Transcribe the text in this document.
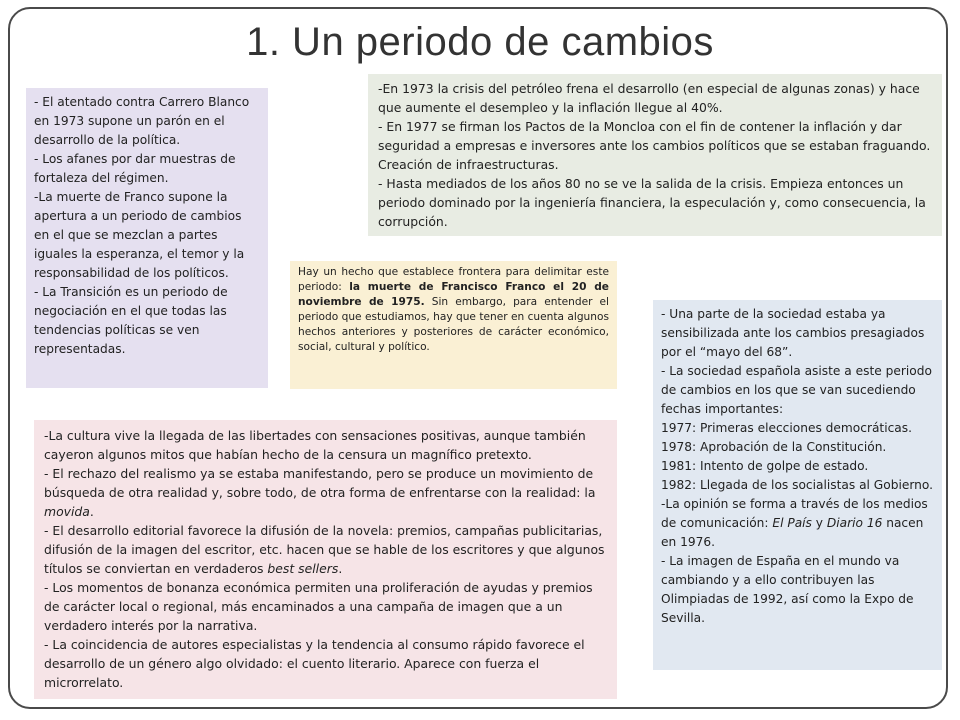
1. Un periodo de cambios

- El atentado contra Carrero Blanco en 1973 supone un parón en el desarrollo de la política.

- Los afanes por dar muestras de fortaleza del régimen.

-La muerte de Franco supone la apertura a un periodo de cambios en el que se mezclan a partes iguales la esperanza, el temor y la responsabilidad de los políticos.

- La Transición es un periodo de negociación en el que todas las tendencias políticas se ven representadas.

-En 1973 la crisis del petróleo frena el desarrollo (en especial de algunas zonas) y hace que aumente el desempleo y la inflación llegue al 40%.

- En 1977 se firman los Pactos de la Moncloa con el fin de contener la inflación y dar seguridad a empresas e inversores ante los cambios políticos que se estaban fraguando. Creación de infraestructuras.

- Hasta mediados de los años 80 no se ve la salida de la crisis. Empieza entonces un periodo dominado por la ingeniería financiera, la especulación y, como consecuencia, la corrupción.

Hay un hecho que establece frontera para delimitar este periodo: la muerte de Francisco Franco el 20 de noviembre de 1975. Sin embargo, para entender el periodo que estudiamos, hay que tener en cuenta algunos hechos anteriores y posteriores de carácter económico, social, cultural y político.

- Una parte de la sociedad estaba ya sensibilizada ante los cambios presagiados por el “mayo del 68”.

- La sociedad española asiste a este periodo de cambios en los que se van sucediendo fechas importantes:

1977: Primeras elecciones democráticas.

1978: Aprobación de la Constitución.

1981: Intento de golpe de estado.

1982: Llegada de los socialistas al Gobierno.

-La opinión se forma a través de los medios de comunicación: El País y Diario 16 nacen en 1976.

- La imagen de España en el mundo va cambiando y a ello contribuyen las Olimpiadas de 1992, así como la Expo de Sevilla.

-La cultura vive la llegada de las libertades con sensaciones positivas, aunque también cayeron algunos mitos que habían hecho de la censura un magnífico pretexto.

- El rechazo del realismo ya se estaba manifestando, pero se produce un movimiento de búsqueda de otra realidad y, sobre todo, de otra forma de enfrentarse con la realidad: la movida.

- El desarrollo editorial favorece la difusión de la novela: premios, campañas publicitarias, difusión de la imagen del escritor, etc. hacen que se hable de los escritores y que algunos títulos se conviertan en verdaderos best sellers.

- Los momentos de bonanza económica permiten una proliferación de ayudas y premios de carácter local o regional, más encaminados a una campaña de imagen que a un verdadero interés por la narrativa.

- La coincidencia de autores especialistas y la tendencia al consumo rápido favorece el desarrollo de un género algo olvidado: el cuento literario. Aparece con fuerza el microrrelato.
